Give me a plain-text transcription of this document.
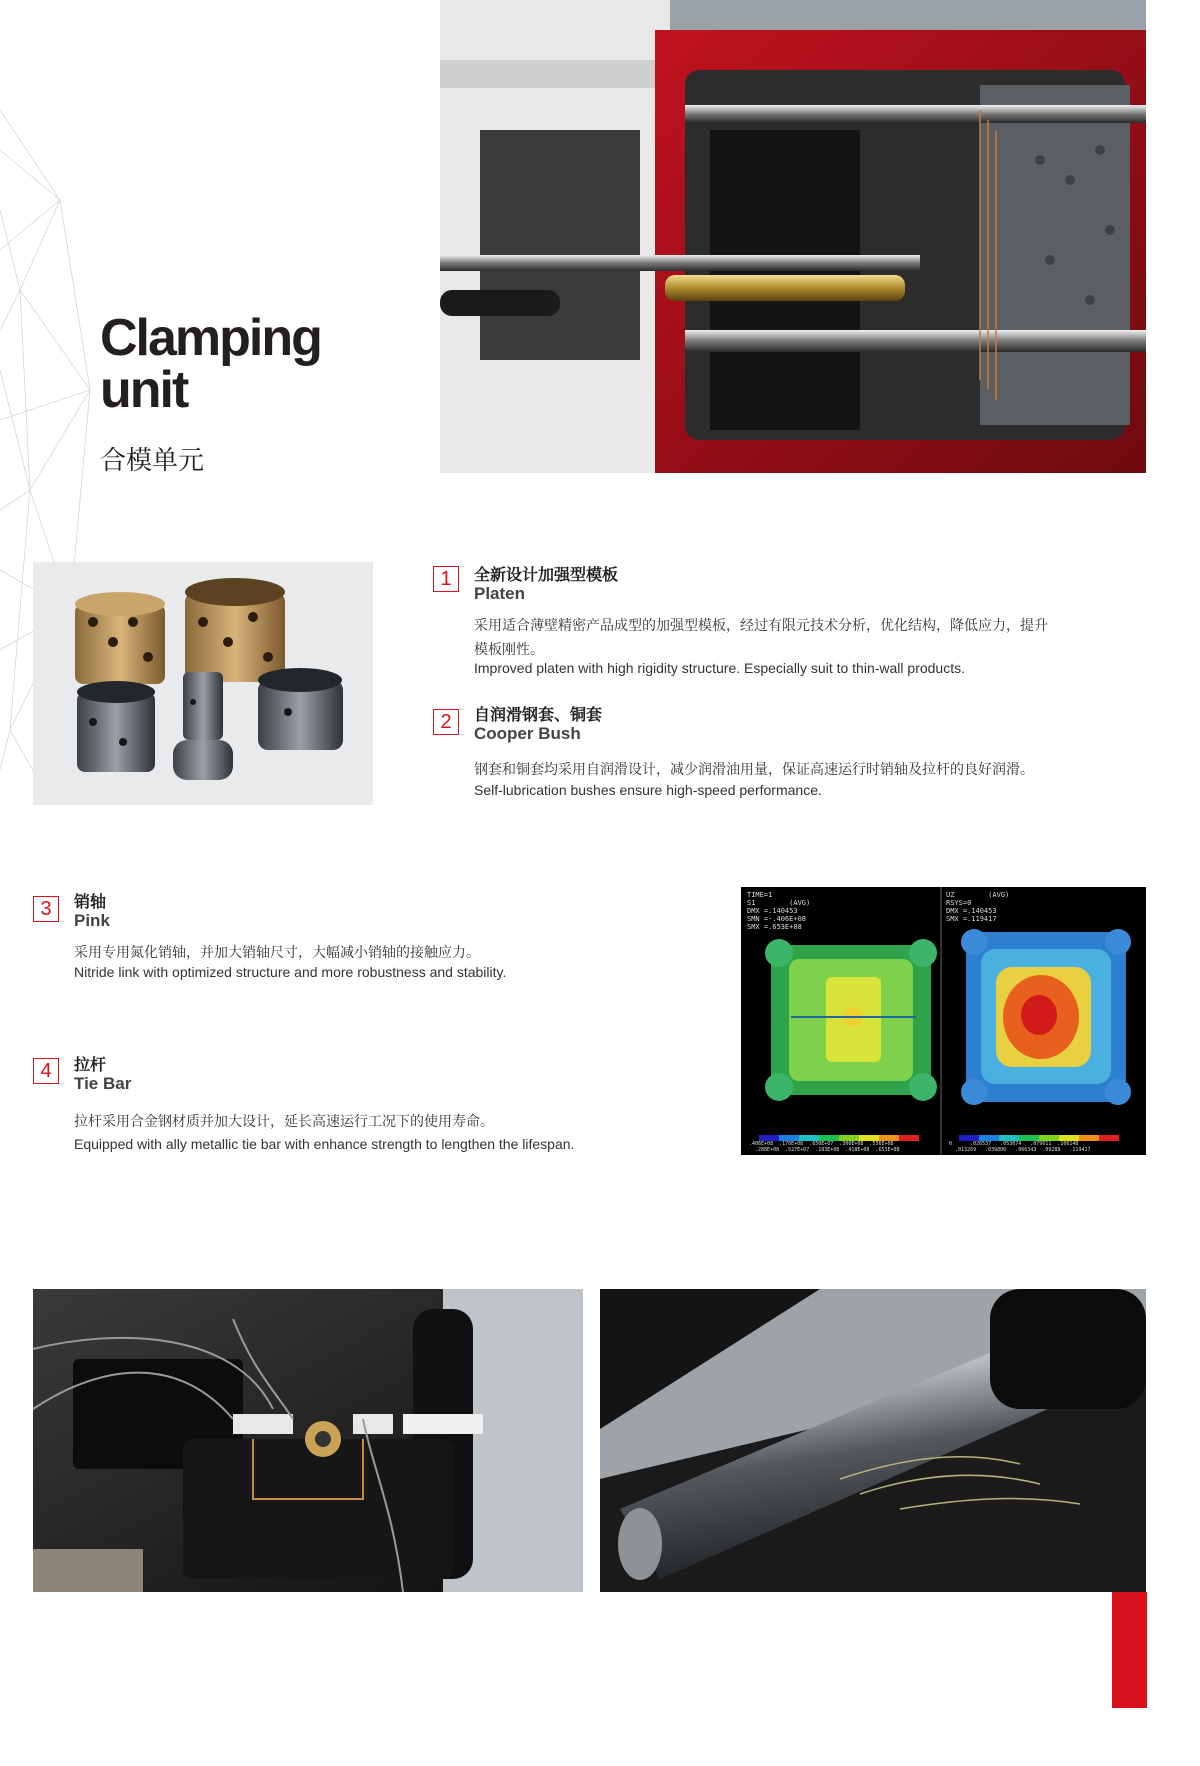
Clamping
unit
合模单元
1	全新设计加强型模板
Platen
采用适合薄壁精密产品成型的加强型模板，经过有限元技术分析，优化结构，降低应力，提升模板刚性。
Improved platen with high rigidity structure. Especially suit to thin-wall products.
2	自润滑钢套、铜套
Cooper Bush
钢套和铜套均采用自润滑设计，减少润滑油用量，保证高速运行时销轴及拉杆的良好润滑。
Self-lubrication bushes ensure high-speed performance.
3	销轴
Pink
采用专用氮化销轴，并加大销轴尺寸，大幅减小销轴的接触应力。
Nitride link with optimized structure and more robustness and stability.
4	拉杆
Tie Bar
拉杆采用合金钢材质并加大设计，延长高速运行工况下的使用寿命。
Equipped with ally metallic tie bar with enhance strength to lengthen the lifespan.
TIME=1
S1        (AVG)
DMX =.140453
SMN =-.406E+08
SMX =.653E+08
UZ        (AVG)
RSYS=0
DMX =.140453
SMX =.119417
.406E+08  .170E+08  .650E+07  .300E+08  .536E+08
.288E+08  .527E+07  .183E+08  .418E+08  .653E+08
0      .026537   .053074   .079611  .106148
.013269   .039806   .066343  .09288   .119417
